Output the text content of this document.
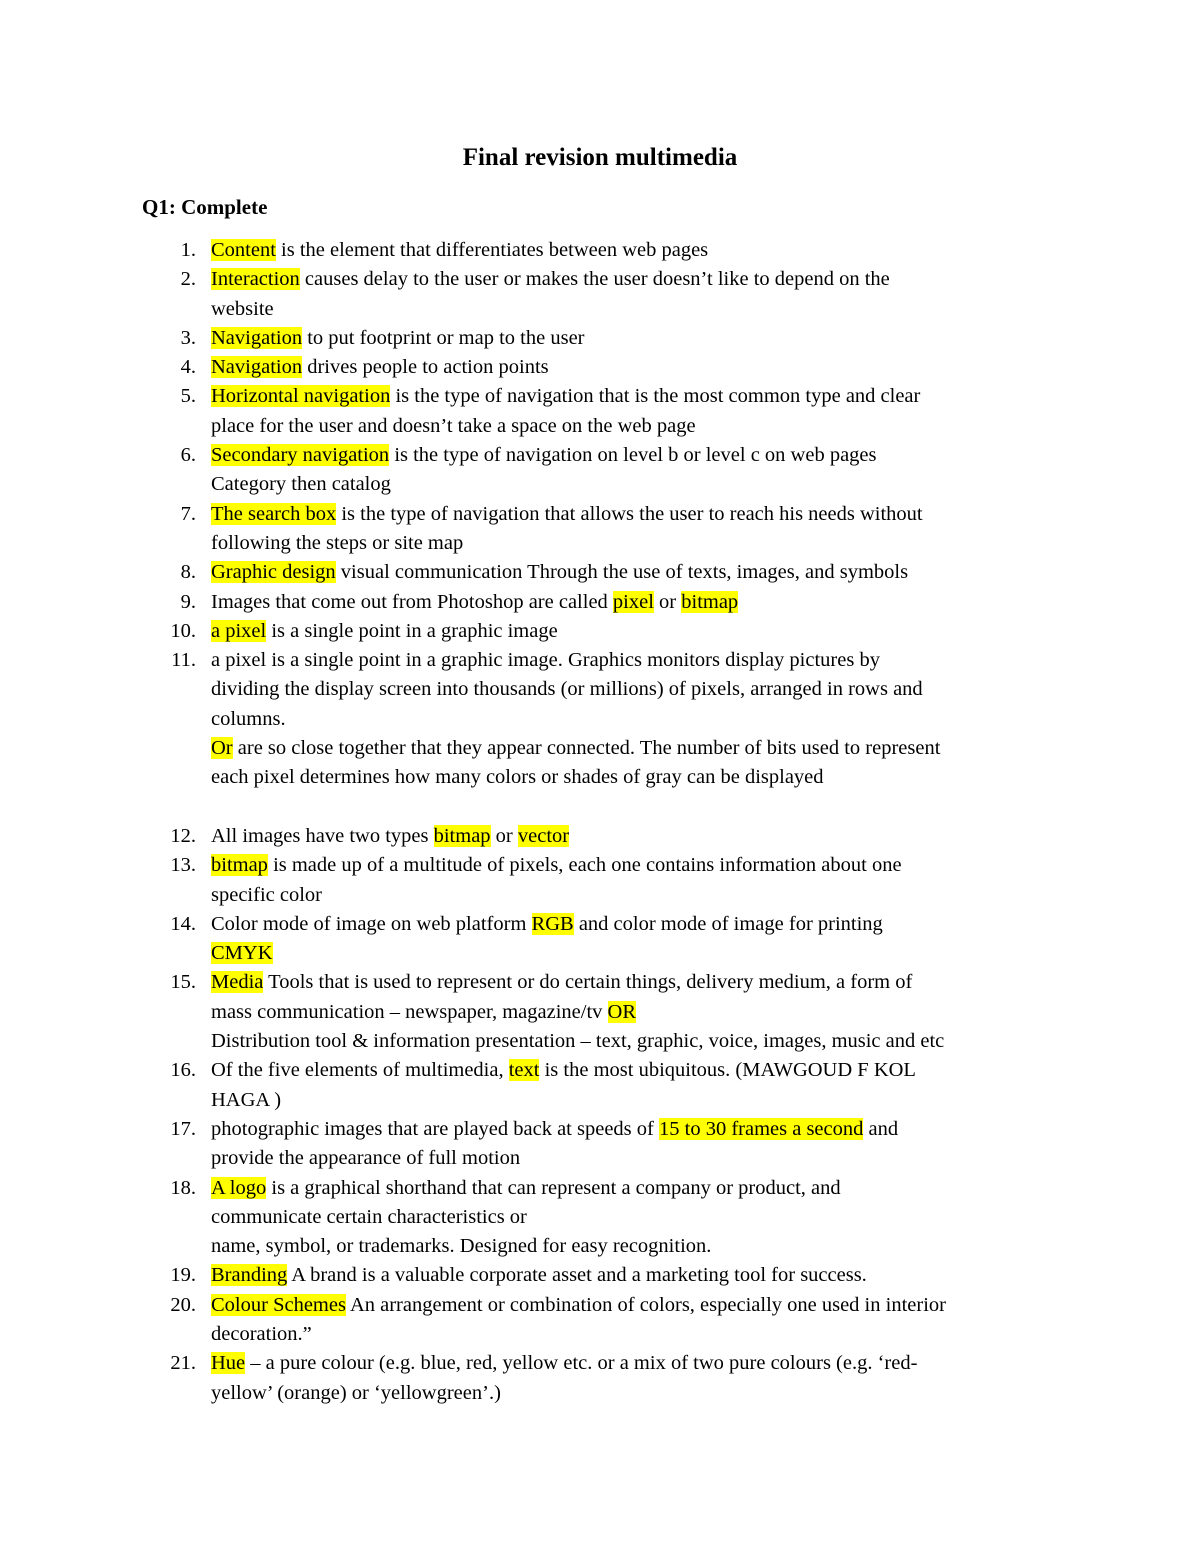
Final revision multimedia
Q1: Complete
1. Content is the element that differentiates between web pages
2. Interaction causes delay to the user or makes the user doesn’t like to depend on the
website
3. Navigation to put footprint or map to the user
4. Navigation drives people to action points
5. Horizontal navigation is the type of navigation that is the most common type and clear
place for the user and doesn’t take a space on the web page
6. Secondary navigation is the type of navigation on level b or level c on web pages
Category then catalog
7. The search box is the type of navigation that allows the user to reach his needs without
following the steps or site map
8. Graphic design visual communication Through the use of texts, images, and symbols
9. Images that come out from Photoshop are called pixel or bitmap
10. a pixel is a single point in a graphic image
11. a pixel is a single point in a graphic image. Graphics monitors display pictures by
dividing the display screen into thousands (or millions) of pixels, arranged in rows and
columns.
Or are so close together that they appear connected. The number of bits used to represent
each pixel determines how many colors or shades of gray can be displayed
12. All images have two types bitmap or vector
13. bitmap is made up of a multitude of pixels, each one contains information about one
specific color
14. Color mode of image on web platform RGB and color mode of image for printing
CMYK
15. Media Tools that is used to represent or do certain things, delivery medium, a form of
mass communication – newspaper, magazine/tv OR
Distribution tool & information presentation – text, graphic, voice, images, music and etc
16. Of the five elements of multimedia, text is the most ubiquitous. (MAWGOUD F KOL
HAGA )
17. photographic images that are played back at speeds of 15 to 30 frames a second and
provide the appearance of full motion
18. A logo is a graphical shorthand that can represent a company or product, and
communicate certain characteristics or
name, symbol, or trademarks. Designed for easy recognition.
19. Branding A brand is a valuable corporate asset and a marketing tool for success.
20. Colour Schemes An arrangement or combination of colors, especially one used in interior
decoration.”
21. Hue – a pure colour (e.g. blue, red, yellow etc. or a mix of two pure colours (e.g. ‘red-
yellow’ (orange) or ‘yellowgreen’.)
